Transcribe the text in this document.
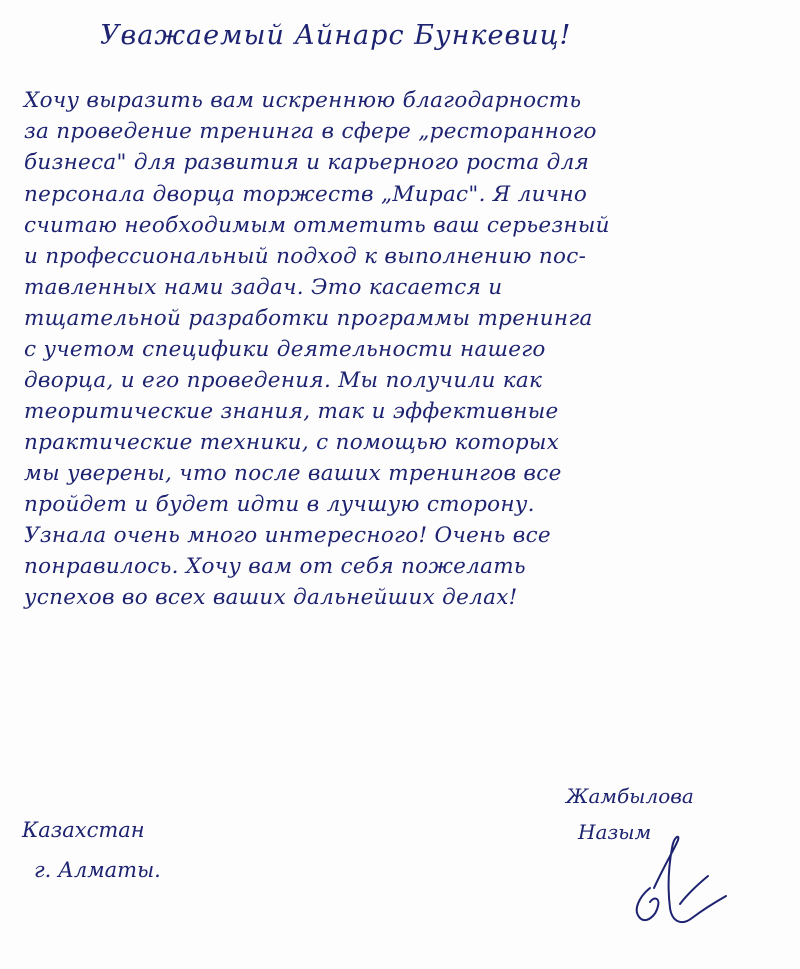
Уважаемый Айнарс Бункевиц!
Хочу выразить вам искреннюю благодарность
за проведение тренинга в сфере „ресторанного
бизнеса" для развития и карьерного роста для
персонала дворца торжеств „Мирас". Я лично
считаю необходимым отметить ваш серьезный
и профессиональный подход к выполнению пос-
тавленных нами задач. Это касается и
тщательной разработки программы тренинга
с учетом специфики деятельности нашего
дворца, и его проведения. Мы получили как
теоритические знания, так и эффективные
практические техники, с помощью которых
мы уверены, что после ваших тренингов все
пройдет и будет идти в лучшую сторону.
Узнала очень много интересного! Очень все
понравилось. Хочу вам от себя пожелать
успехов во всех ваших дальнейших делах!
Казахстан
г. Алматы.
Жамбылова
Назым
